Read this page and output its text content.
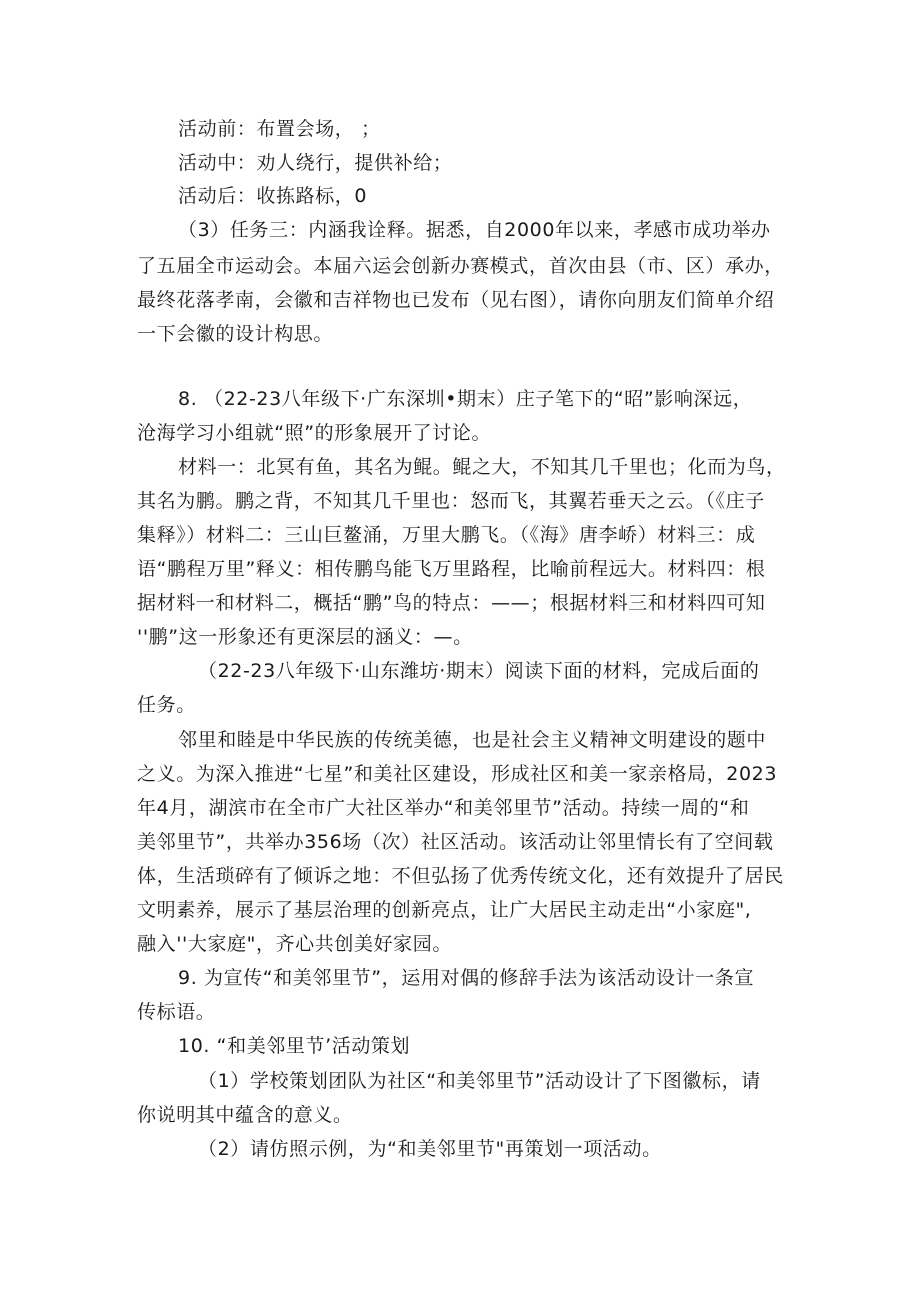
活动前：布置会场， ；

活动中：劝人绕行，提供补给；

活动后：收拣路标，0

（3）任务三：内涵我诠释。据悉，自2000年以来，孝感市成功举办

了五届全市运动会。本届六运会创新办赛模式，首次由县（市、区）承办，

最终花落孝南，会徽和吉祥物也已发布（见右图），请你向朋友们简单介绍

一下会徽的设计构思。

8. （22-23八年级下·广东深圳•期末）庄子笔下的“昭”影响深远，

沧海学习小组就“照”的形象展开了讨论。

材料一：北冥有鱼，其名为鲲。鲲之大，不知其几千里也；化而为鸟，

其名为鹏。鹏之背，不知其几千里也：怒而飞，其翼若垂天之云。（《庄子

集释》）材料二：三山巨鳌涌，万里大鹏飞。（《海》唐李峤）材料三：成

语“鹏程万里”释义：相传鹏鸟能飞万里路程，比喻前程远大。材料四：根

据材料一和材料二，概括“鹏”鸟的特点：——；根据材料三和材料四可知

''鹏”这一形象还有更深层的涵义：—。

（22-23八年级下·山东潍坊·期末）阅读下面的材料，完成后面的

任务。

邻里和睦是中华民族的传统美德，也是社会主义精神文明建设的题中

之义。为深入推进“七星”和美社区建设，形成社区和美一家亲格局，2023

年4月，湖滨市在全市广大社区举办“和美邻里节”活动。持续一周的“和

美邻里节”，共举办356场（次）社区活动。该活动让邻里情长有了空间载

体，生活琐碎有了倾诉之地：不但弘扬了优秀传统文化，还有效提升了居民

文明素养，展示了基层治理的创新亮点，让广大居民主动走出“小家庭",

融入''大家庭"，齐心共创美好家园。

9. 为宣传“和美邻里节”，运用对偶的修辞手法为该活动设计一条宣

传标语。

10. “和美邻里节’活动策划

（1）学校策划团队为社区“和美邻里节”活动设计了下图徽标，请

你说明其中蕴含的意义。

（2）请仿照示例，为“和美邻里节"再策划一项活动。
